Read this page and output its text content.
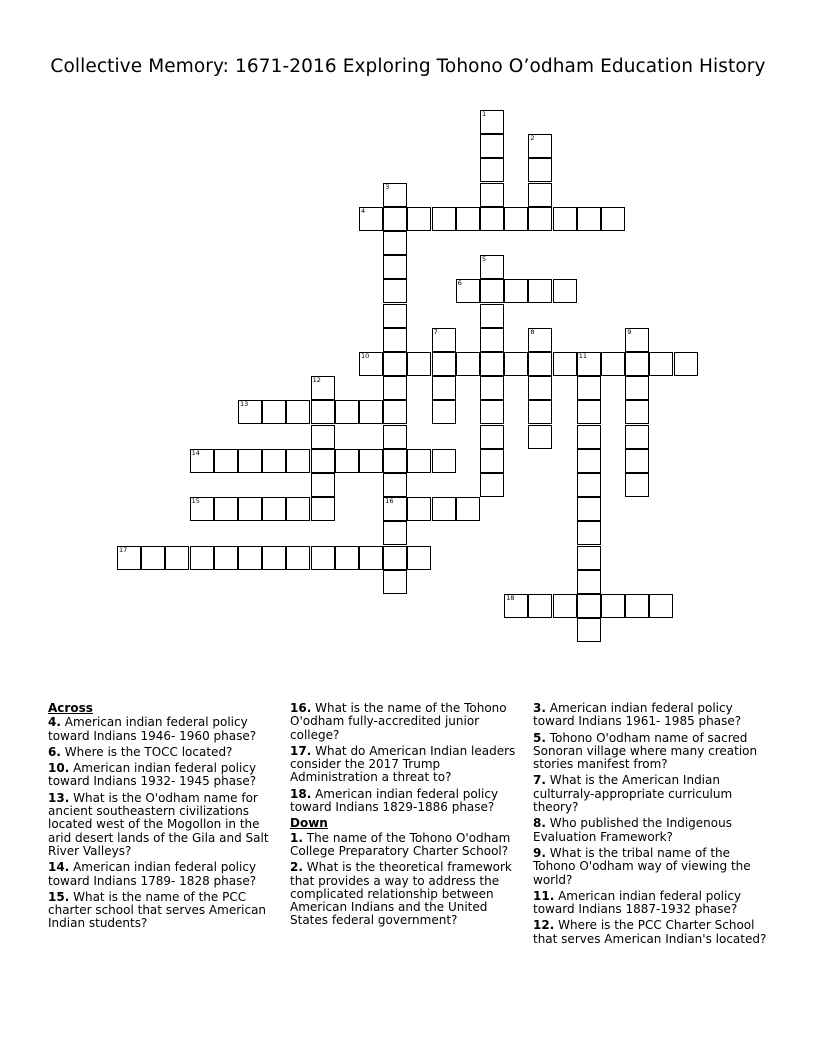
Collective Memory: 1671-2016 Exploring Tohono O’odham Education History
4
6
10	11
13
14
15	16
17
18
1
2
3
5
7	8	9
12
Across
4. American indian federal policy toward Indians 1946- 1960 phase?
6. Where is the TOCC located?
10. American indian federal policy toward Indians 1932- 1945 phase?
13. What is the O'odham name for ancient southeastern civilizations located west of the Mogollon in the arid desert lands of the Gila and Salt River Valleys?
14. American indian federal policy toward Indians 1789- 1828 phase?
15. What is the name of the PCC charter school that serves American Indian students?
16. What is the name of the Tohono O'odham fully-accredited junior college?
17. What do American Indian leaders consider the 2017 Trump Administration a threat to?
18. American indian federal policy toward Indians 1829-1886 phase?
Down
1. The name of the Tohono O'odham College Preparatory Charter School?
2. What is the theoretical framework that provides a way to address the complicated relationship between American Indians and the United States federal government?
3. American indian federal policy toward Indians 1961- 1985 phase?
5. Tohono O'odham name of sacred Sonoran village where many creation stories manifest from?
7. What is the American Indian culturraly-appropriate curriculum theory?
8. Who published the Indigenous Evaluation Framework?
9. What is the tribal name of the Tohono O'odham way of viewing the world?
11. American indian federal policy toward Indians 1887-1932 phase?
12. Where is the PCC Charter School that serves American Indian's located?
